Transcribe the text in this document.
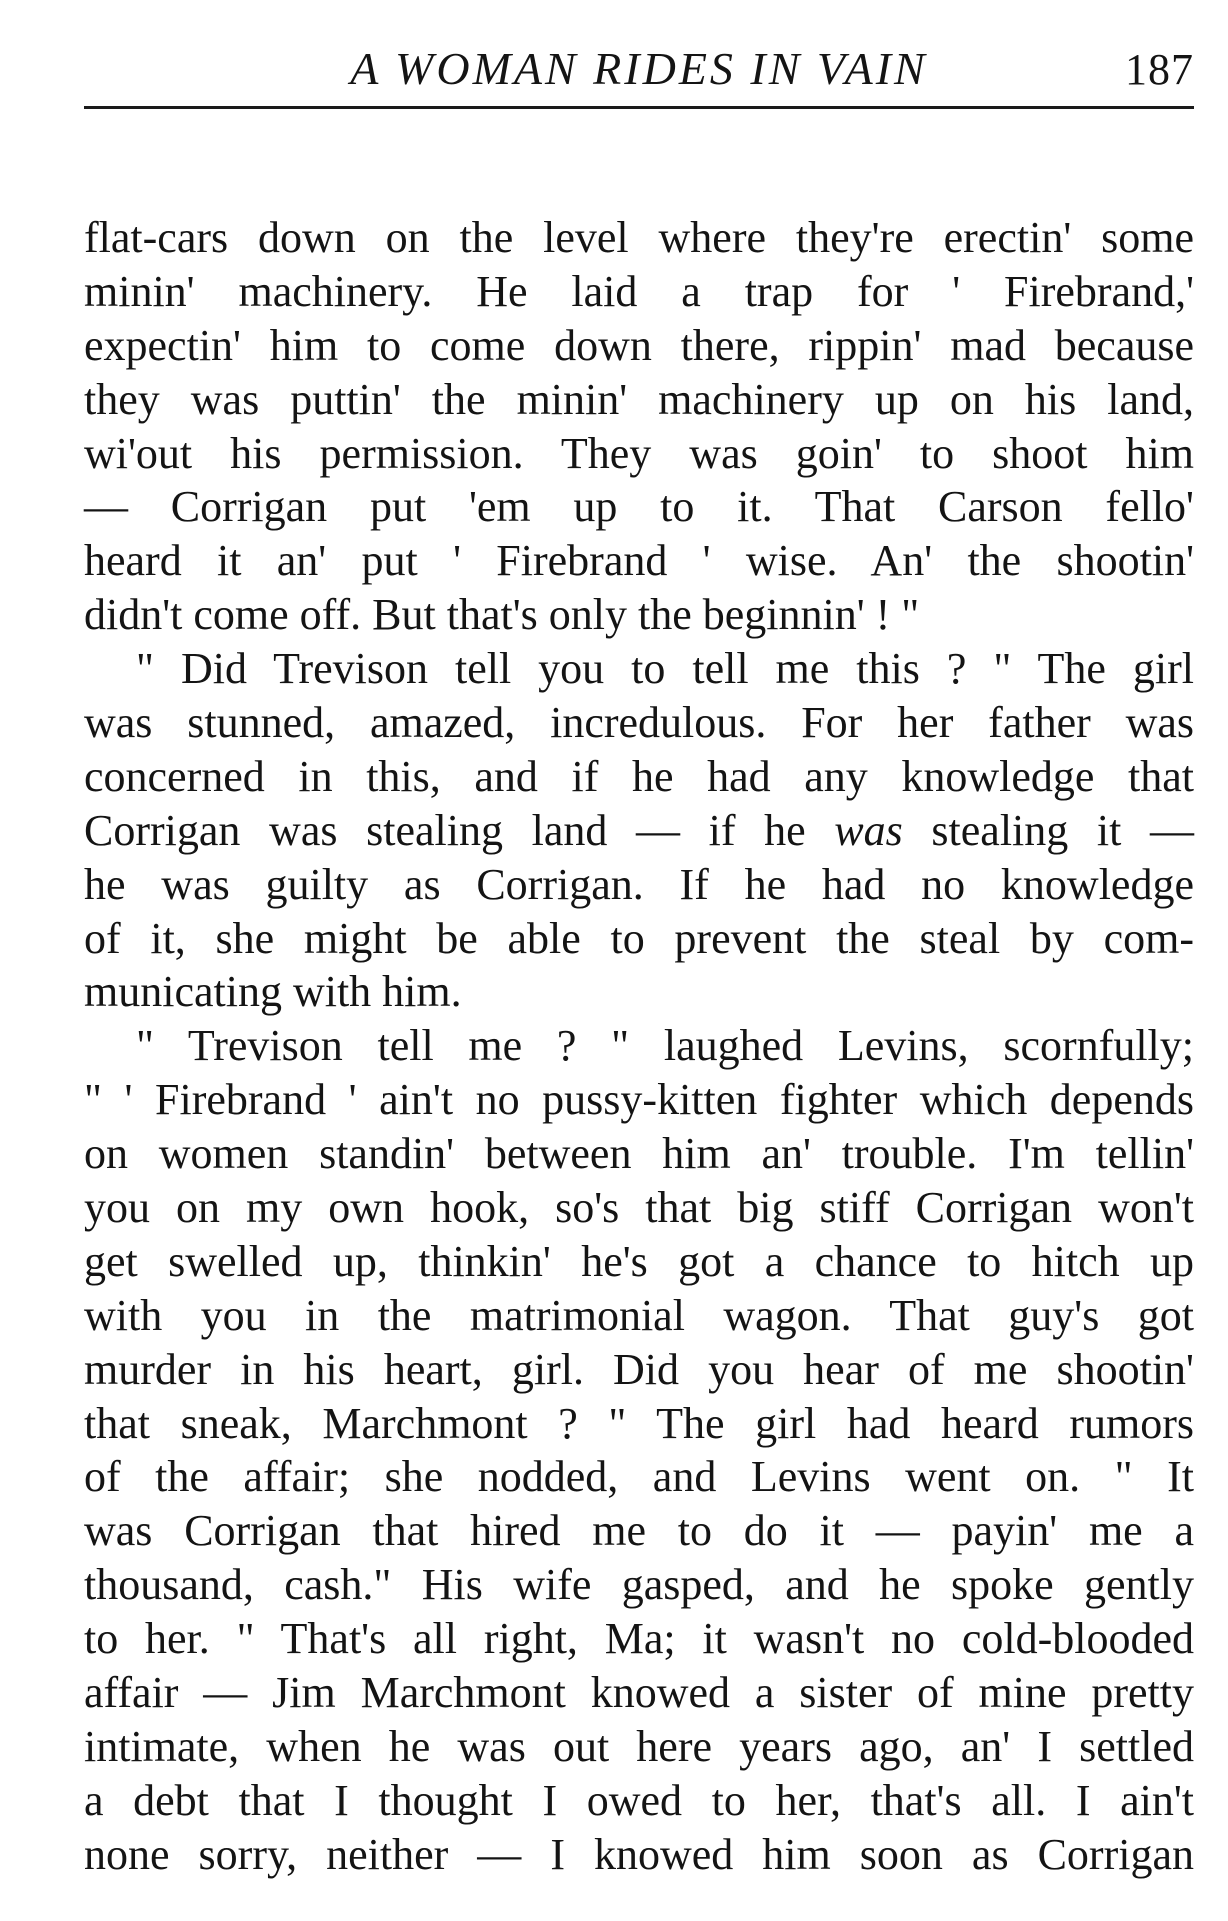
A WOMAN RIDES IN VAIN	187
flat-cars down on the level where they're erectin' some
minin' machinery. He laid a trap for ' Firebrand,'
expectin' him to come down there, rippin' mad because
they was puttin' the minin' machinery up on his land,
wi'out his permission. They was goin' to shoot him
— Corrigan put 'em up to it. That Carson fello'
heard it an' put ' Firebrand ' wise. An' the shootin'
didn't come off. But that's only the beginnin' ! "
" Did Trevison tell you to tell me this ? " The girl
was stunned, amazed, incredulous. For her father was
concerned in this, and if he had any knowledge that
Corrigan was stealing land — if he was stealing it —
he was guilty as Corrigan. If he had no knowledge
of it, she might be able to prevent the steal by com-
municating with him.
" Trevison tell me ? " laughed Levins, scornfully;
" ' Firebrand ' ain't no pussy-kitten fighter which depends
on women standin' between him an' trouble. I'm tellin'
you on my own hook, so's that big stiff Corrigan won't
get swelled up, thinkin' he's got a chance to hitch up
with you in the matrimonial wagon. That guy's got
murder in his heart, girl. Did you hear of me shootin'
that sneak, Marchmont ? " The girl had heard rumors
of the affair; she nodded, and Levins went on. " It
was Corrigan that hired me to do it — payin' me a
thousand, cash." His wife gasped, and he spoke gently
to her. " That's all right, Ma; it wasn't no cold-blooded
affair — Jim Marchmont knowed a sister of mine pretty
intimate, when he was out here years ago, an' I settled
a debt that I thought I owed to her, that's all. I ain't
none sorry, neither — I knowed him soon as Corrigan
